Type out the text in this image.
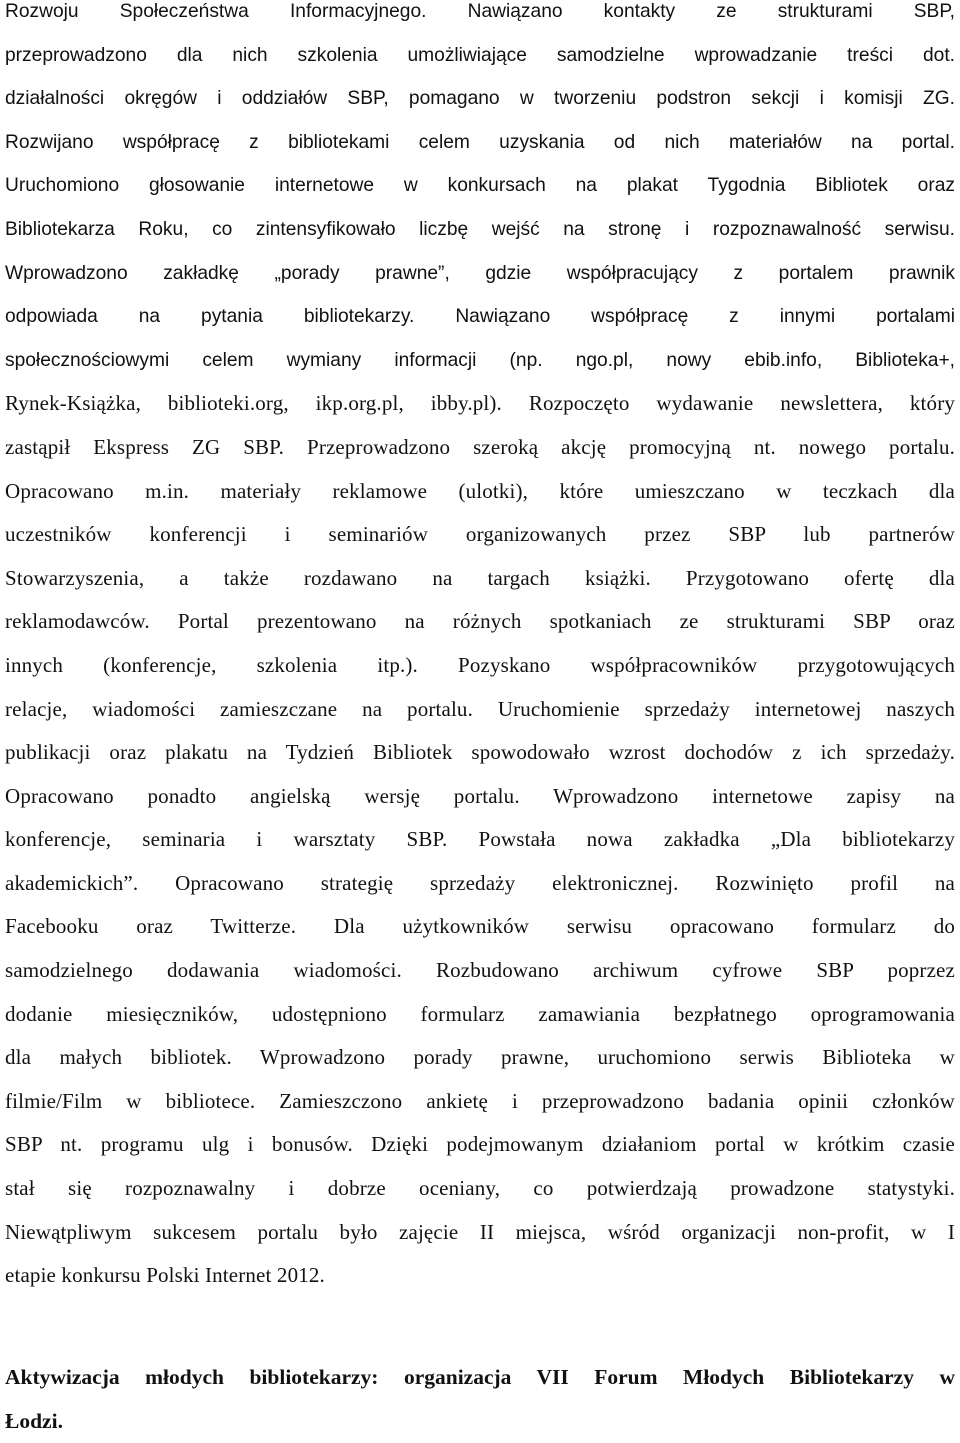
Rozwoju Społeczeństwa Informacyjnego. Nawiązano kontakty ze strukturami SBP,
przeprowadzono dla nich szkolenia umożliwiające samodzielne wprowadzanie treści dot.
działalności okręgów i oddziałów SBP, pomagano w tworzeniu podstron sekcji i komisji ZG.
Rozwijano współpracę z bibliotekami celem uzyskania od nich materiałów na portal.
Uruchomiono głosowanie internetowe w konkursach na plakat Tygodnia Bibliotek oraz
Bibliotekarza Roku, co zintensyfikowało liczbę wejść na stronę i rozpoznawalność serwisu.
Wprowadzono zakładkę „porady prawne”, gdzie współpracujący z portalem prawnik
odpowiada na pytania bibliotekarzy. Nawiązano współpracę z innymi portalami
społecznościowymi celem wymiany informacji (np. ngo.pl, nowy ebib.info, Biblioteka+,
Rynek-Książka, biblioteki.org, ikp.org.pl, ibby.pl). Rozpoczęto wydawanie newslettera, który
zastąpił Ekspress ZG SBP. Przeprowadzono szeroką akcję promocyjną nt. nowego portalu.
Opracowano m.in. materiały reklamowe (ulotki), które umieszczano w teczkach dla
uczestników konferencji i seminariów organizowanych przez SBP lub partnerów
Stowarzyszenia, a także rozdawano na targach książki. Przygotowano ofertę dla
reklamodawców. Portal prezentowano na różnych spotkaniach ze strukturami SBP oraz
innych (konferencje, szkolenia itp.). Pozyskano współpracowników przygotowujących
relacje, wiadomości zamieszczane na portalu. Uruchomienie sprzedaży internetowej naszych
publikacji oraz plakatu na Tydzień Bibliotek spowodowało wzrost dochodów z ich sprzedaży.
Opracowano ponadto angielską wersję portalu. Wprowadzono internetowe zapisy na
konferencje, seminaria i warsztaty SBP. Powstała nowa zakładka „Dla bibliotekarzy
akademickich”. Opracowano strategię sprzedaży elektronicznej. Rozwinięto profil na
Facebooku oraz Twitterze. Dla użytkowników serwisu opracowano formularz do
samodzielnego dodawania wiadomości. Rozbudowano archiwum cyfrowe SBP poprzez
dodanie miesięczników, udostępniono formularz zamawiania bezpłatnego oprogramowania
dla małych bibliotek. Wprowadzono porady prawne, uruchomiono serwis Biblioteka w
filmie/Film w bibliotece. Zamieszczono ankietę i przeprowadzono badania opinii członków
SBP nt. programu ulg i bonusów. Dzięki podejmowanym działaniom portal w krótkim czasie
stał się rozpoznawalny i dobrze oceniany, co potwierdzają prowadzone statystyki.
Niewątpliwym sukcesem portalu było zajęcie II miejsca, wśród organizacji non-profit, w I
etapie konkursu Polski Internet 2012.
Aktywizacja młodych bibliotekarzy: organizacja VII Forum Młodych Bibliotekarzy w
Łodzi.
